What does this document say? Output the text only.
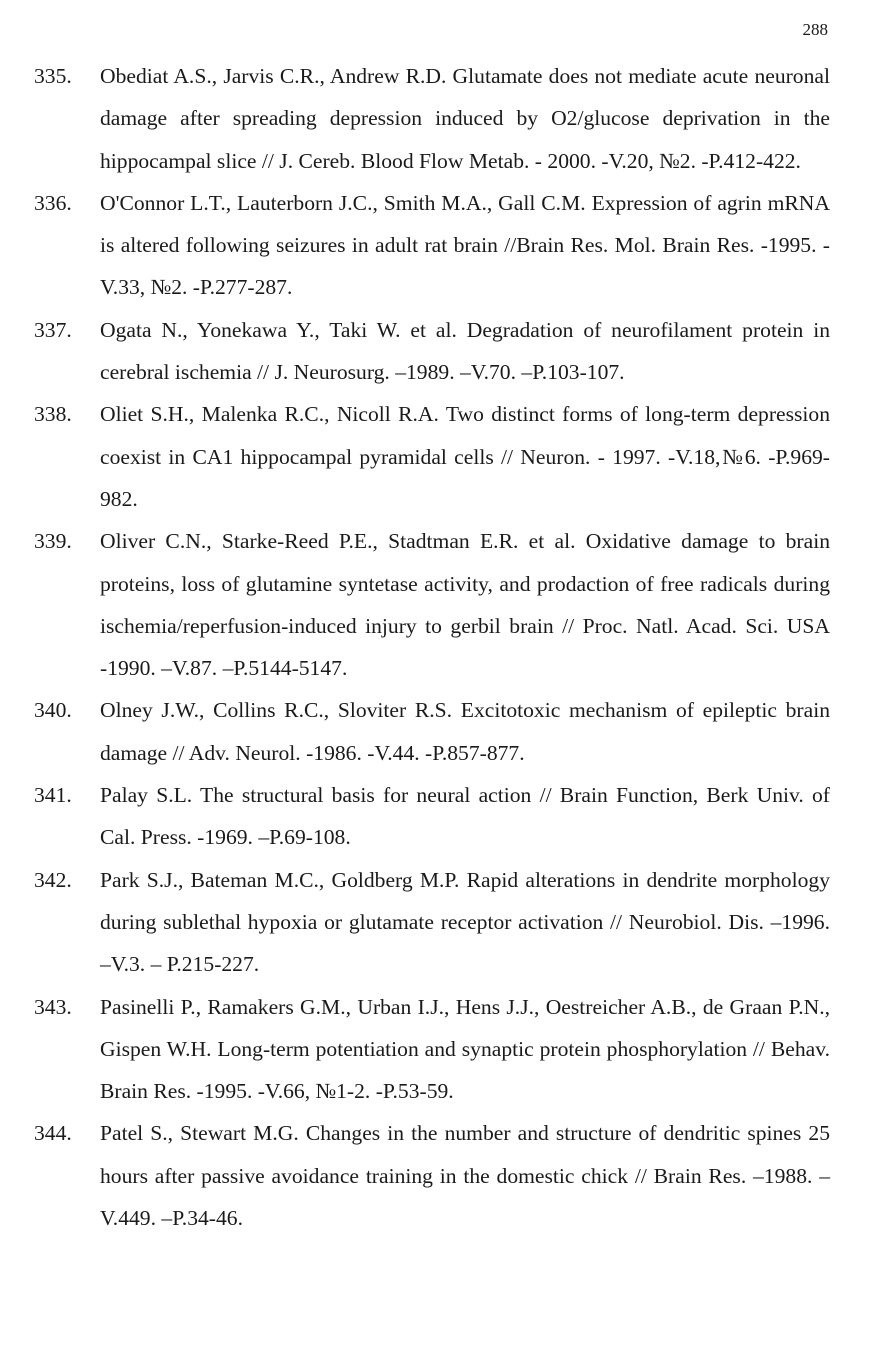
288
335.	Obediat A.S., Jarvis C.R., Andrew R.D. Glutamate does not mediate acute neuronal damage after spreading depression induced by O2/glucose deprivation in the hippocampal slice // J. Cereb. Blood Flow Metab. - 2000. -V.20, №2. -P.412-422.
336.	O'Connor L.T., Lauterborn J.C., Smith M.A., Gall C.M. Expression of agrin mRNA is altered following seizures in adult rat brain //Brain Res. Mol. Brain Res. -1995. -V.33, №2. -P.277-287.
337.	Ogata N., Yonekawa Y., Taki W. et al. Degradation of neurofilament protein in cerebral ischemia // J. Neurosurg. –1989. –V.70. –P.103-107.
338.	Oliet S.H., Malenka R.C., Nicoll R.A. Two distinct forms of long-term depression coexist in CA1 hippocampal pyramidal cells // Neuron. - 1997. -V.18,№6. -P.969-982.
339.	Oliver C.N., Starke-Reed P.E., Stadtman E.R. et al. Oxidative damage to brain proteins, loss of glutamine syntetase activity, and prodaction of free radicals during ischemia/reperfusion-induced injury to gerbil brain // Proc. Natl. Acad. Sci. USA -1990. –V.87. –P.5144-5147.
340.	Olney J.W., Collins R.C., Sloviter R.S. Excitotoxic mechanism of epileptic brain damage // Adv. Neurol. -1986. -V.44. -P.857-877.
341.	Palay S.L. The structural basis for neural action // Brain Function, Berk Univ. of Cal. Press. -1969. –P.69-108.
342.	Park S.J., Bateman M.C., Goldberg M.P. Rapid alterations in dendrite morphology during sublethal hypoxia or glutamate receptor activation // Neurobiol. Dis. –1996. –V.3. – P.215-227.
343.	Pasinelli P., Ramakers G.M., Urban I.J., Hens J.J., Oestreicher A.B., de Graan P.N., Gispen W.H. Long-term potentiation and synaptic protein phosphorylation // Behav. Brain Res. -1995. -V.66, №1-2. -P.53-59.
344.	Patel S., Stewart M.G. Changes in the number and structure of dendritic spines 25 hours after passive avoidance training in the domestic chick // Brain Res. –1988. –V.449. –P.34-46.
